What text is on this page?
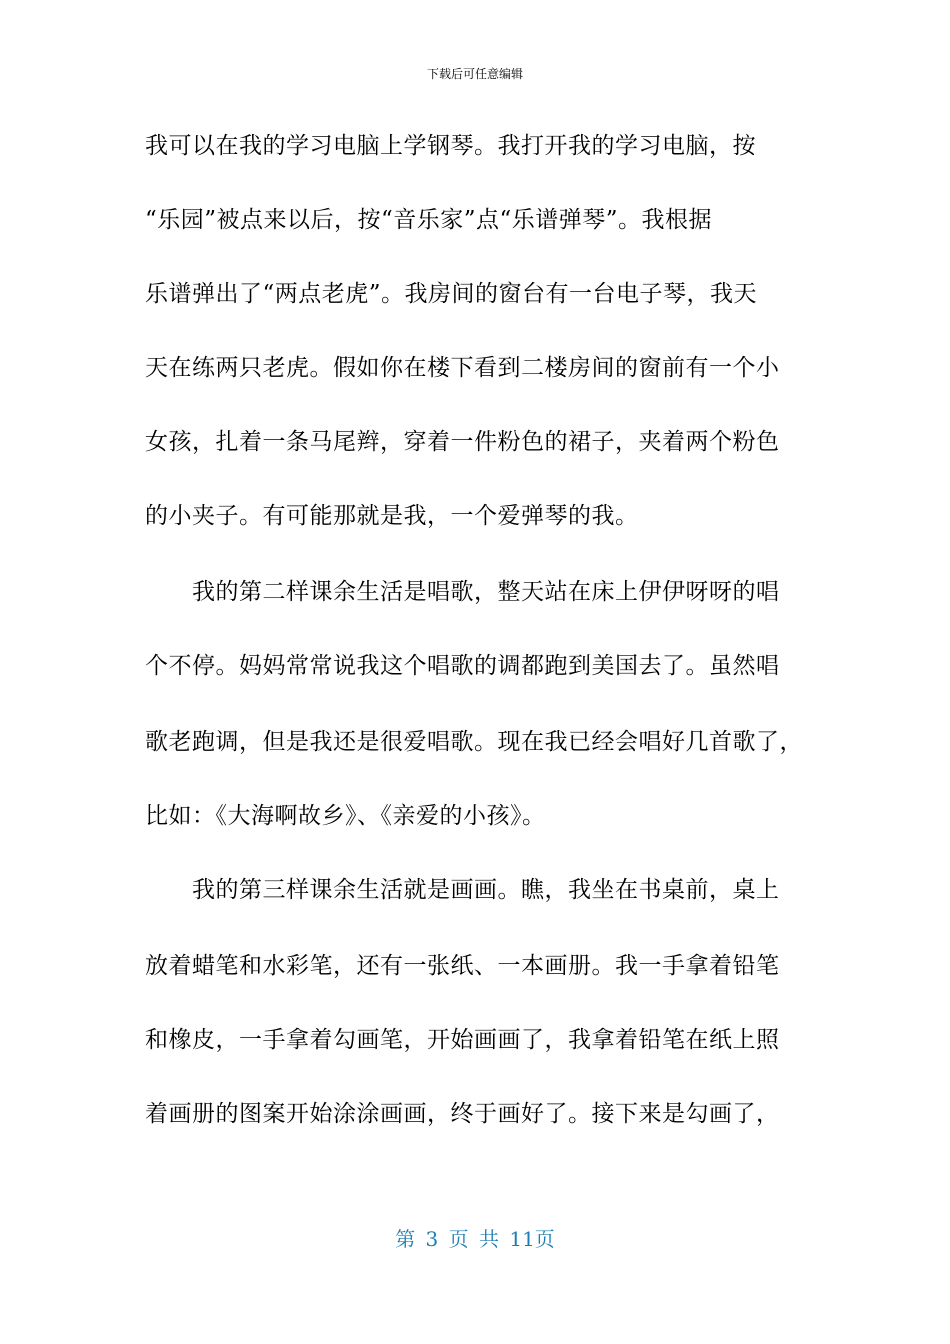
下载后可任意编辑
我可以在我的学习电脑上学钢琴。我打开我的学习电脑，按
“乐园”被点来以后，按“音乐家”点“乐谱弹琴”。我根据
乐谱弹出了“两点老虎”。我房间的窗台有一台电子琴，我天
天在练两只老虎。假如你在楼下看到二楼房间的窗前有一个小
女孩，扎着一条马尾辫，穿着一件粉色的裙子，夹着两个粉色
的小夹子。有可能那就是我，一个爱弹琴的我。
　　我的第二样课余生活是唱歌，整天站在床上伊伊呀呀的唱
个不停。妈妈常常说我这个唱歌的调都跑到美国去了。虽然唱
歌老跑调，但是我还是很爱唱歌。现在我已经会唱好几首歌了，
比如：《大海啊故乡》、《亲爱的小孩》。
　　我的第三样课余生活就是画画。瞧，我坐在书桌前，桌上
放着蜡笔和水彩笔，还有一张纸、一本画册。我一手拿着铅笔
和橡皮，一手拿着勾画笔，开始画画了，我拿着铅笔在纸上照
着画册的图案开始涂涂画画，终于画好了。接下来是勾画了，
第 3 页 共 11页
